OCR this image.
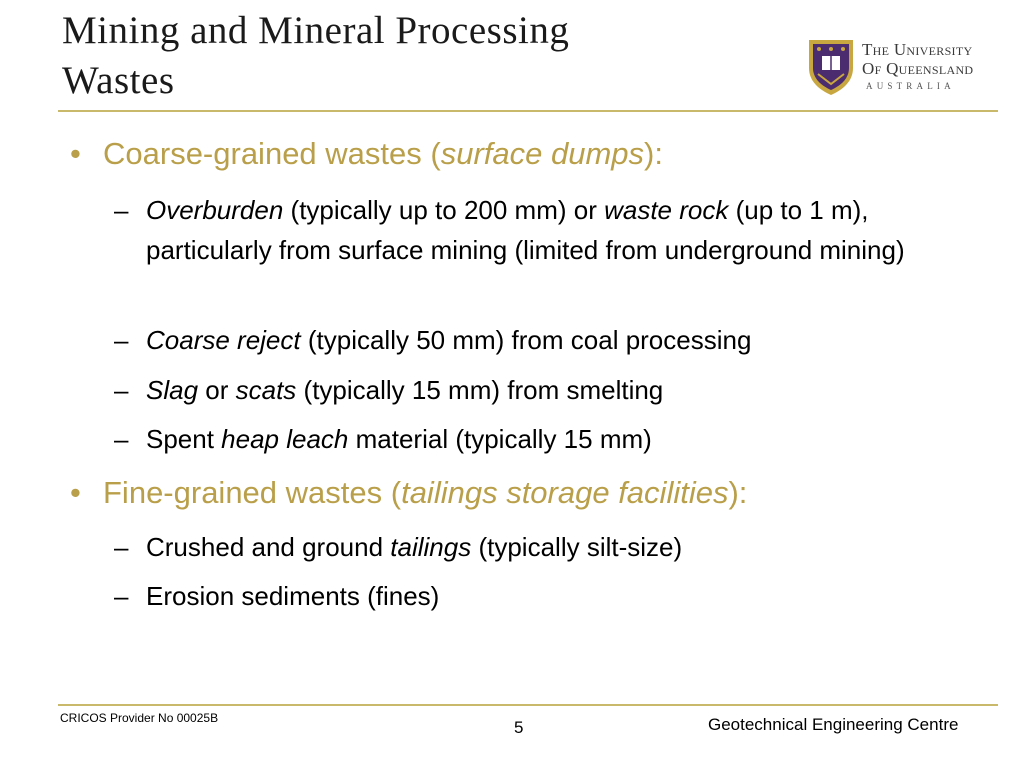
Mining and Mineral Processing
Wastes
The University
Of Queensland
AUSTRALIA
• Coarse-grained wastes (surface dumps):
– Overburden (typically up to 200 mm) or waste rock (up to 1 m), particularly from surface mining (limited from underground mining)
– Coarse reject (typically 50 mm) from coal processing
– Slag or scats (typically 15 mm) from smelting
– Spent heap leach material (typically 15 mm)
• Fine-grained wastes (tailings storage facilities):
– Crushed and ground tailings (typically silt-size)
– Erosion sediments (fines)
CRICOS Provider No 00025B	5	Geotechnical Engineering Centre
